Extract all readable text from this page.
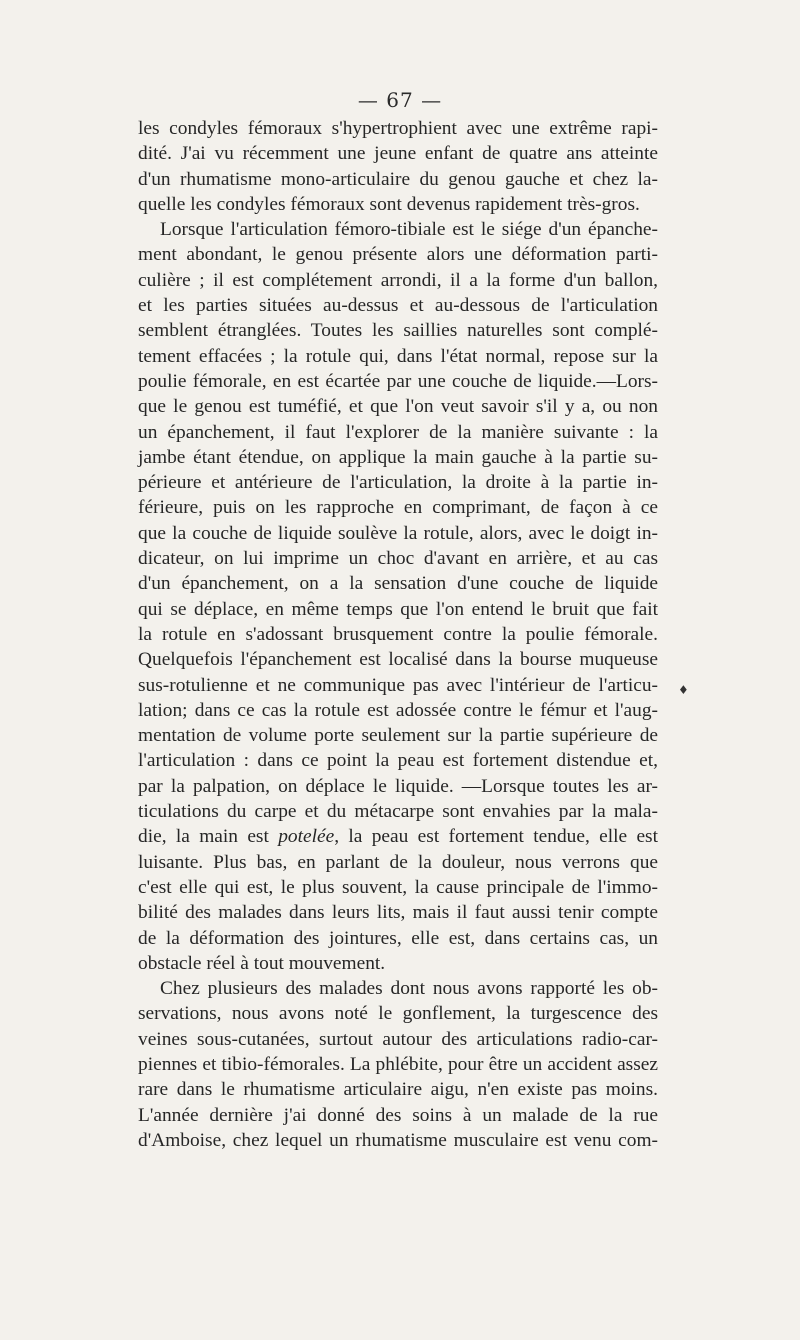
— 67 —
♦
les condyles fémoraux s'hypertrophient avec une extrême rapi-
dité. J'ai vu récemment une jeune enfant de quatre ans atteinte
d'un rhumatisme mono-articulaire du genou gauche et chez la-
quelle les condyles fémoraux sont devenus rapidement très-gros.
Lorsque l'articulation fémoro-tibiale est le siége d'un épanche-
ment abondant, le genou présente alors une déformation parti-
culière ; il est complétement arrondi, il a la forme d'un ballon,
et les parties situées au-dessus et au-dessous de l'articulation
semblent étranglées. Toutes les saillies naturelles sont complé-
tement effacées ; la rotule qui, dans l'état normal, repose sur la
poulie fémorale, en est écartée par une couche de liquide.—Lors-
que le genou est tuméfié, et que l'on veut savoir s'il y a, ou non
un épanchement, il faut l'explorer de la manière suivante : la
jambe étant étendue, on applique la main gauche à la partie su-
périeure et antérieure de l'articulation, la droite à la partie in-
férieure, puis on les rapproche en comprimant, de façon à ce
que la couche de liquide soulève la rotule, alors, avec le doigt in-
dicateur, on lui imprime un choc d'avant en arrière, et au cas
d'un épanchement, on a la sensation d'une couche de liquide
qui se déplace, en même temps que l'on entend le bruit que fait
la rotule en s'adossant brusquement contre la poulie fémorale.
Quelquefois l'épanchement est localisé dans la bourse muqueuse
sus-rotulienne et ne communique pas avec l'intérieur de l'articu-
lation; dans ce cas la rotule est adossée contre le fémur et l'aug-
mentation de volume porte seulement sur la partie supérieure de
l'articulation : dans ce point la peau est fortement distendue et,
par la palpation, on déplace le liquide. —Lorsque toutes les ar-
ticulations du carpe et du métacarpe sont envahies par la mala-
die, la main est potelée, la peau est fortement tendue, elle est
luisante. Plus bas, en parlant de la douleur, nous verrons que
c'est elle qui est, le plus souvent, la cause principale de l'immo-
bilité des malades dans leurs lits, mais il faut aussi tenir compte
de la déformation des jointures, elle est, dans certains cas, un
obstacle réel à tout mouvement.
Chez plusieurs des malades dont nous avons rapporté les ob-
servations, nous avons noté le gonflement, la turgescence des
veines sous-cutanées, surtout autour des articulations radio-car-
piennes et tibio-fémorales. La phlébite, pour être un accident assez
rare dans le rhumatisme articulaire aigu, n'en existe pas moins.
L'année dernière j'ai donné des soins à un malade de la rue
d'Amboise, chez lequel un rhumatisme musculaire est venu com-
